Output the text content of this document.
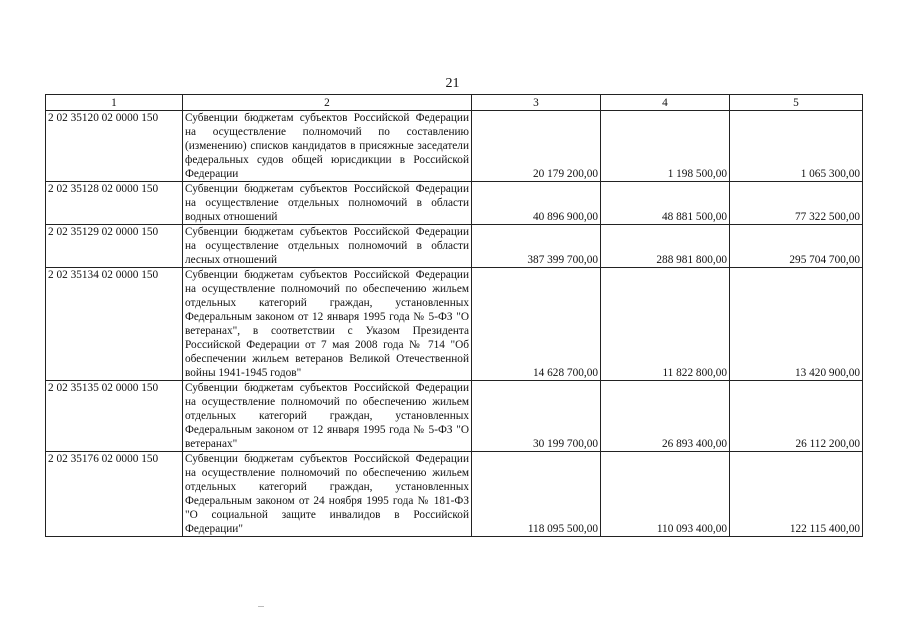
21
1	2	3	4	5
2 02 35120 02 0000 150	Субвенции бюджетам субъектов Российской Федерации на осуществление полномочий по составлению (изменению) списков кандидатов в присяжные заседатели федеральных судов общей юрисдикции в Российской Федерации	20 179 200,00	1 198 500,00	1 065 300,00
2 02 35128 02 0000 150	Субвенции бюджетам субъектов Российской Федерации на осуществление отдельных полномочий в области водных отношений	40 896 900,00	48 881 500,00	77 322 500,00
2 02 35129 02 0000 150	Субвенции бюджетам субъектов Российской Федерации на осуществление отдельных полномочий в области лесных отношений	387 399 700,00	288 981 800,00	295 704 700,00
2 02 35134 02 0000 150	Субвенции бюджетам субъектов Российской Федерации на осуществление полномочий по обеспечению жильем отдельных категорий граждан, установленных Федеральным законом от 12 января 1995 года № 5-ФЗ "О ветеранах", в соответствии с Указом Президента Российской Федерации от 7 мая 2008 года № 714 "Об обеспечении жильем ветеранов Великой Отечественной войны 1941-1945 годов"	14 628 700,00	11 822 800,00	13 420 900,00
2 02 35135 02 0000 150	Субвенции бюджетам субъектов Российской Федерации на осуществление полномочий по обеспечению жильем отдельных категорий граждан, установленных Федеральным законом от 12 января 1995 года № 5-ФЗ "О ветеранах"	30 199 700,00	26 893 400,00	26 112 200,00
2 02 35176 02 0000 150	Субвенции бюджетам субъектов Российской Федерации на осуществление полномочий по обеспечению жильем отдельных категорий граждан, установленных Федеральным законом от 24 ноября 1995 года № 181-ФЗ "О социальной защите инвалидов в Российской Федерации"	118 095 500,00	110 093 400,00	122 115 400,00
